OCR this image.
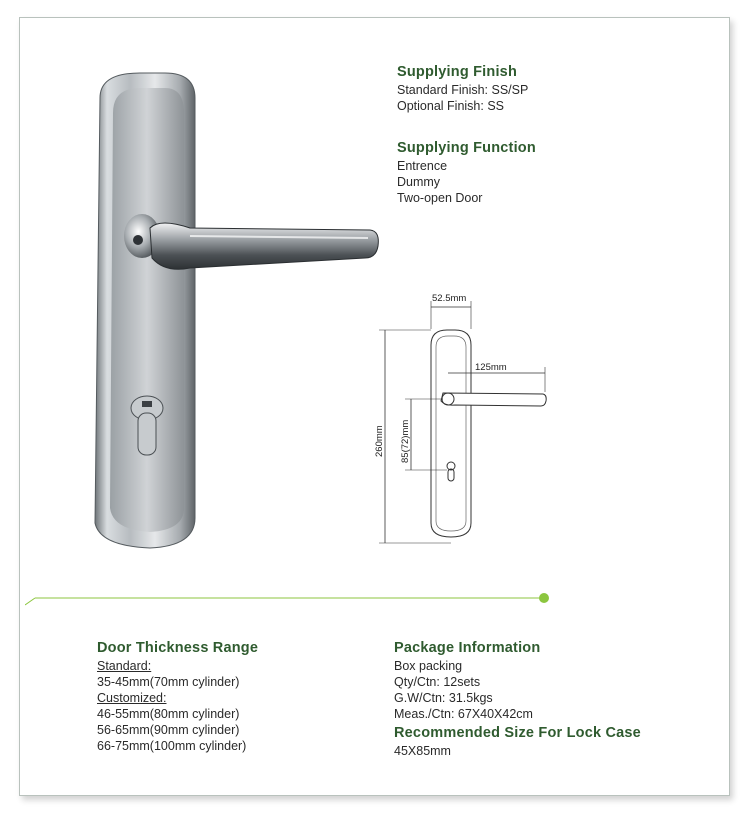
Supplying Finish
Standard Finish: SS/SP
Optional Finish: SS
Supplying Function
Entrence
Dummy
Two-open Door
52.5mm
125mm
260mm 85(72)mm
Door Thickness Range
Standard:
35-45mm(70mm cylinder)
Customized:
46-55mm(80mm cylinder)
56-65mm(90mm cylinder)
66-75mm(100mm cylinder)
Package Information
Box packing
Qty/Ctn: 12sets
G.W/Ctn: 31.5kgs
Meas./Ctn: 67X40X42cm
Recommended Size For Lock Case
45X85mm
